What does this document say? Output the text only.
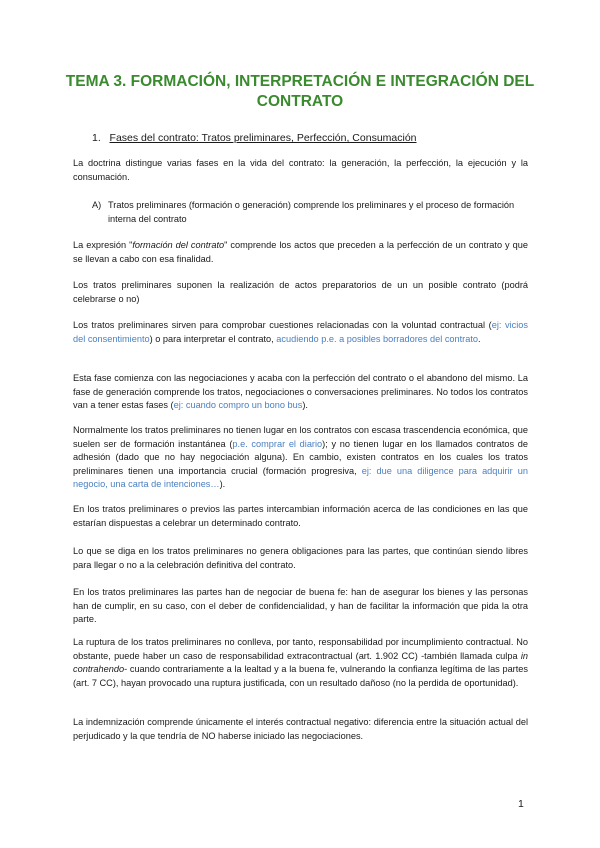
TEMA 3. FORMACIÓN, INTERPRETACIÓN E INTEGRACIÓN DEL CONTRATO
1. Fases del contrato: Tratos preliminares, Perfección, Consumación

La doctrina distingue varias fases en la vida del contrato: la generación, la perfección, la ejecución y la consumación.

A) Tratos preliminares (formación o generación) comprende los preliminares y el proceso de formación interna del contrato

La expresión "formación del contrato" comprende los actos que preceden a la perfección de un contrato y que se llevan a cabo con esa finalidad.

Los tratos preliminares suponen la realización de actos preparatorios de un un posible contrato (podrá celebrarse o no)

Los tratos preliminares sirven para comprobar cuestiones relacionadas con la voluntad contractual (ej: vicios del consentimiento) o para interpretar el contrato, acudiendo p.e. a posibles borradores del contrato.

Esta fase comienza con las negociaciones y acaba con la perfección del contrato o el abandono del mismo. La fase de generación comprende los tratos, negociaciones o conversaciones preliminares. No todos los contratos van a tener estas fases (ej: cuando compro un bono bus).

Normalmente los tratos preliminares no tienen lugar en los contratos con escasa trascendencia económica, que suelen ser de formación instantánea (p.e. comprar el diario); y no tienen lugar en los llamados contratos de adhesión (dado que no hay negociación alguna). En cambio, existen contratos en los cuales los tratos preliminares tienen una importancia crucial (formación progresiva, ej: due una diligence para adquirir un negocio, una carta de intenciones…).

En los tratos preliminares o previos las partes intercambian información acerca de las condiciones en las que estarían dispuestas a celebrar un determinado contrato.

Lo que se diga en los tratos preliminares no genera obligaciones para las partes, que continúan siendo libres para llegar o no a la celebración definitiva del contrato.

En los tratos preliminares las partes han de negociar de buena fe: han de asegurar los bienes y las personas han de cumplir, en su caso, con el deber de confidencialidad, y han de facilitar la información que pida la otra parte.

La ruptura de los tratos preliminares no conlleva, por tanto, responsabilidad por incumplimiento contractual. No obstante, puede haber un caso de responsabilidad extracontractual (art. 1.902 CC) -también llamada culpa in contrahendo- cuando contrariamente a la lealtad y a la buena fe, vulnerando la confianza legítima de las partes (art. 7 CC), hayan provocado una ruptura justificada, con un resultado dañoso (no la perdida de oportunidad).

La indemnización comprende únicamente el interés contractual negativo: diferencia entre la situación actual del perjudicado y la que tendría de NO haberse iniciado las negociaciones.

1
